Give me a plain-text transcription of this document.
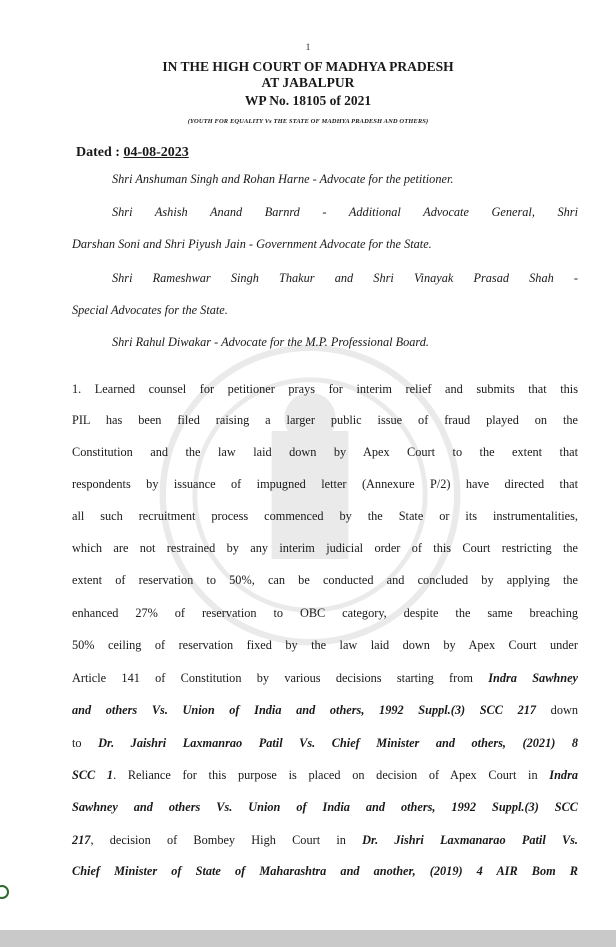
1
IN THE HIGH COURT OF MADHYA PRADESH
AT JABALPUR
WP No. 18105 of 2021
(YOUTH FOR EQUALITY Vs THE STATE OF MADHYA PRADESH AND OTHERS)
Dated : 04-08-2023
Shri Anshuman Singh and Rohan Harne - Advocate for the petitioner.
Shri Ashish Anand Barnrd - Additional Advocate General, Shri
Darshan Soni and Shri Piyush Jain - Government Advocate for the State.
Shri Rameshwar Singh Thakur and Shri Vinayak Prasad Shah -
Special Advocates for the State.
Shri Rahul Diwakar - Advocate for the M.P. Professional Board.
1. Learned counsel for petitioner prays for interim relief and submits that this
PIL has been filed raising a larger public issue of fraud played on the
Constitution and the law laid down by Apex Court to the extent that
respondents by issuance of impugned letter (Annexure P/2) have directed that
all such recruitment process commenced by the State or its instrumentalities,
which are not restrained by any interim judicial order of this Court restricting the
extent of reservation to 50%, can be conducted and concluded by applying the
enhanced 27% of reservation to OBC category, despite the same breaching
50% ceiling of reservation fixed by the law laid down by Apex Court under
Article 141 of Constitution by various decisions starting from Indra Sawhney
and others Vs. Union of India and others, 1992 Suppl.(3) SCC 217 down
to Dr. Jaishri Laxmanrao Patil Vs. Chief Minister and others, (2021) 8
SCC 1. Reliance for this purpose is placed on decision of Apex Court in Indra
Sawhney and others Vs. Union of India and others, 1992 Suppl.(3) SCC
217, decision of Bombey High Court in Dr. Jishri Laxmanarao Patil Vs.
Chief Minister of State of Maharashtra and another, (2019) 4 AIR Bom R
